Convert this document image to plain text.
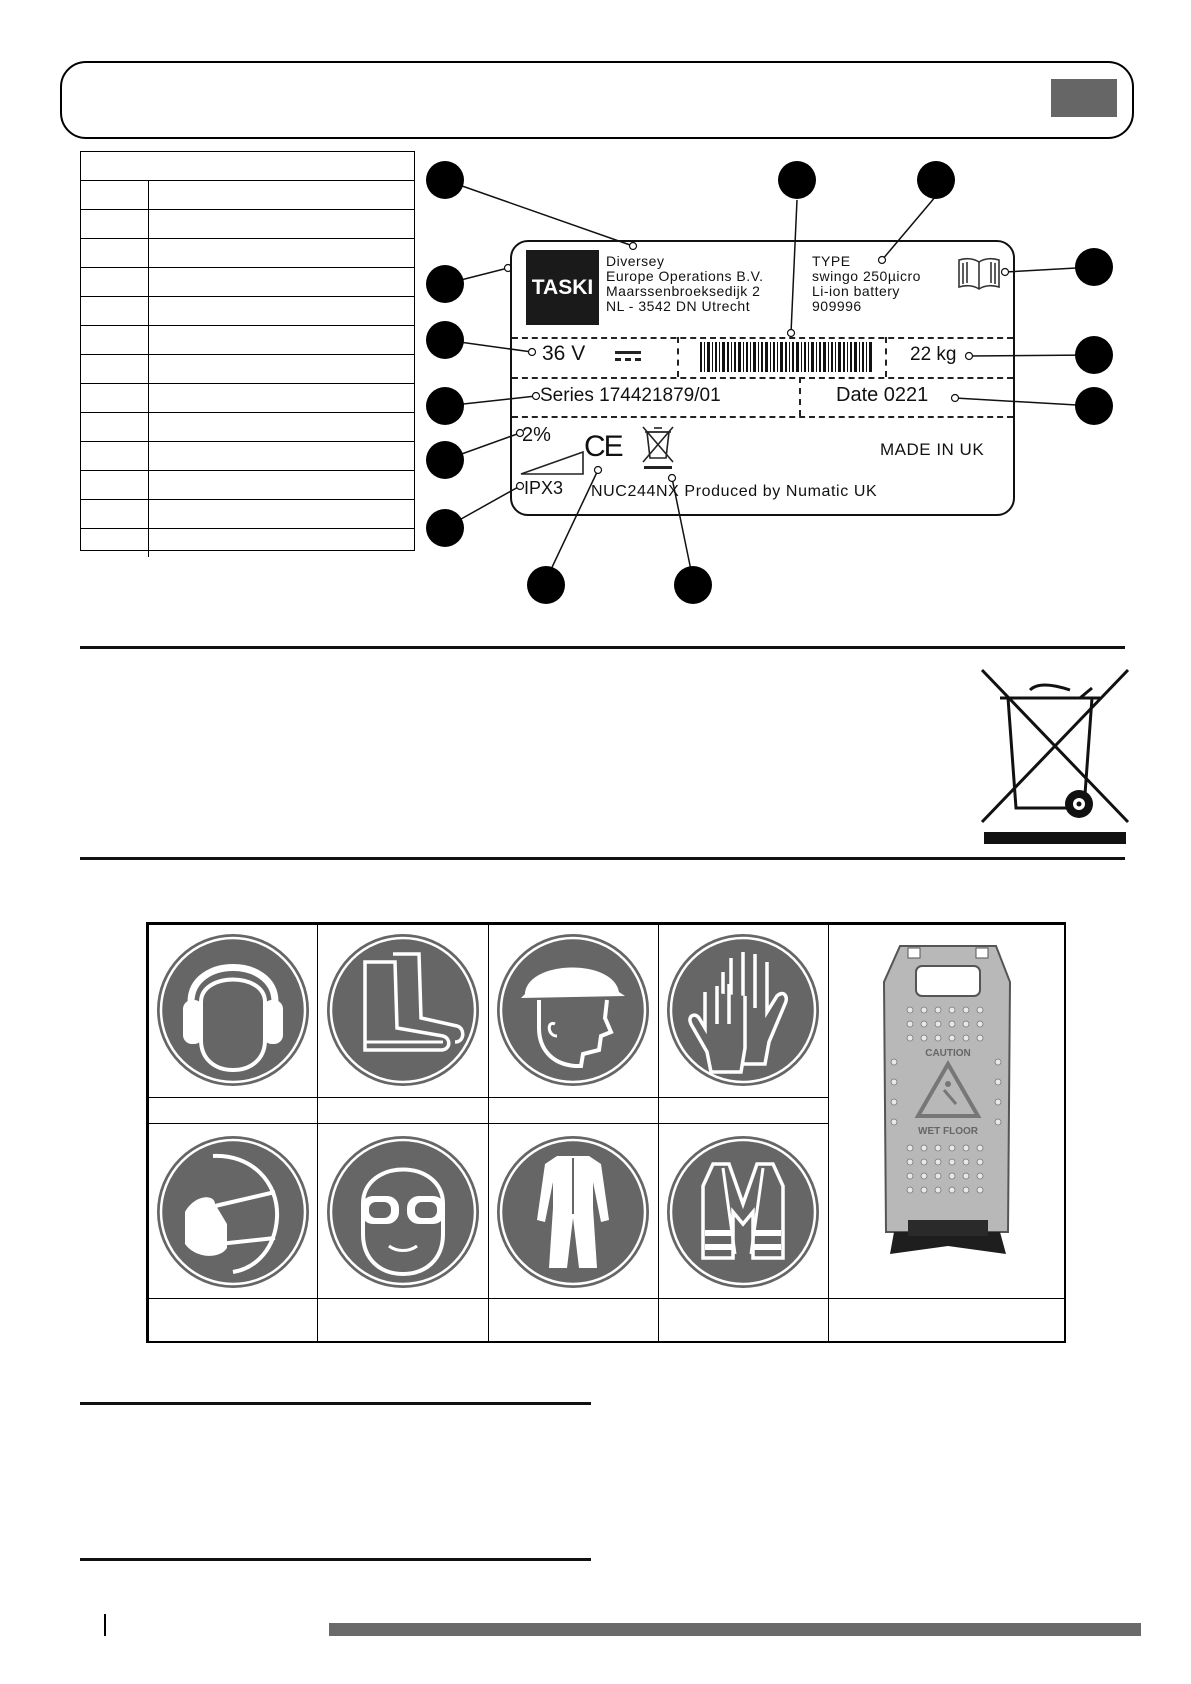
TASKI
Diversey
Europe Operations B.V.
Maarssenbroeksedijk 2
NL - 3542 DN Utrecht
TYPE
swingo 250µicro
Li-ion battery
909996
36 V	22 kg
Series 174421879/01	Date 0221
2% CE	MADE IN UK
IPX3 NUC244NX Produced by Numatic UK
CAUTION
WET FLOOR
